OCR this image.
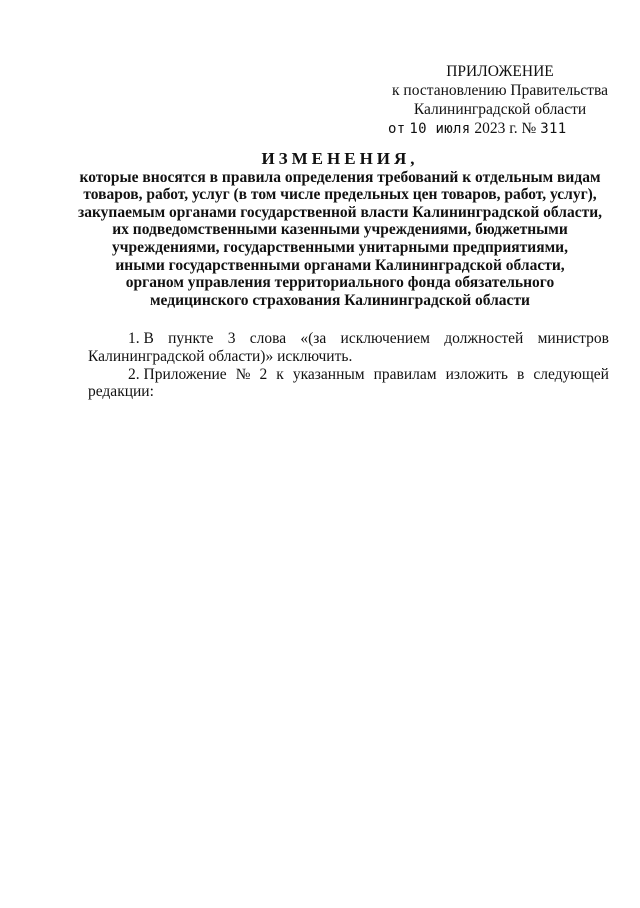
ПРИЛОЖЕНИЕ
к постановлению Правительства
Калининградской области
от 10 июля 2023 г. № 311
ИЗМЕНЕНИЯ,
которые вносятся в правила определения требований к отдельным видам
товаров, работ, услуг (в том числе предельных цен товаров, работ, услуг),
закупаемым органами государственной власти Калининградской области,
их подведомственными казенными учреждениями, бюджетными
учреждениями, государственными унитарными предприятиями,
иными государственными органами Калининградской области,
органом управления территориального фонда обязательного
медицинского страхования Калининградской области
1. В пункте 3 слова «(за исключением должностей министров
Калининградской области)» исключить.
2. Приложение № 2 к указанным правилам изложить в следующей
редакции:
